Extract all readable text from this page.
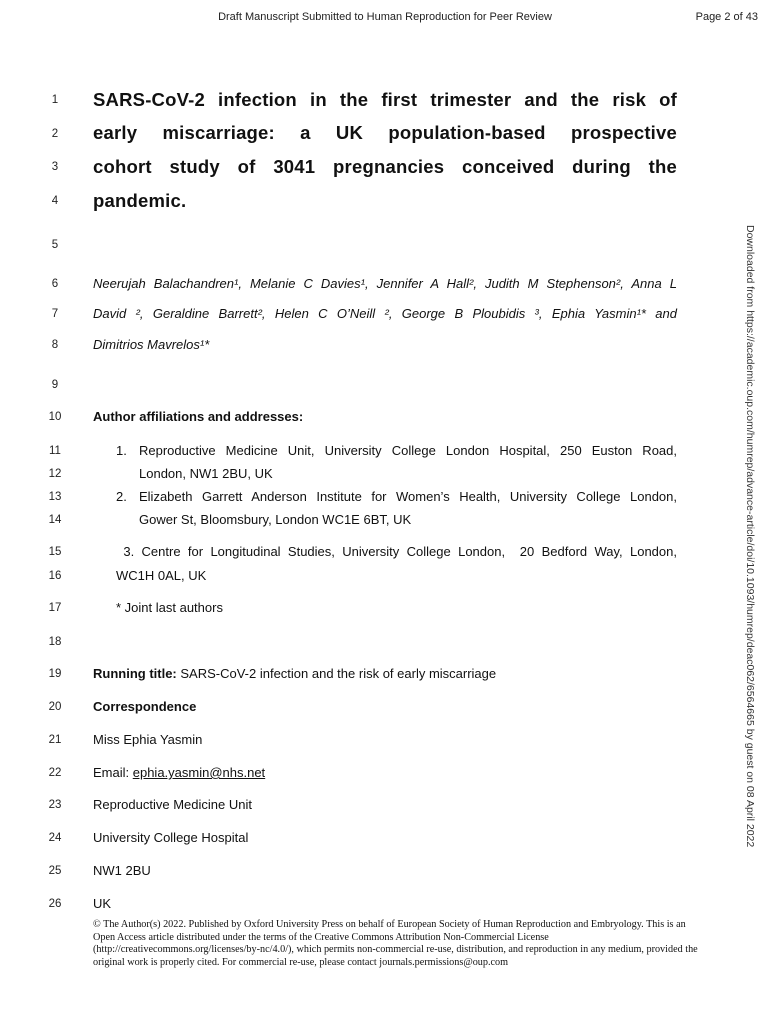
Draft Manuscript Submitted to Human Reproduction for Peer Review	Page 2 of 43
1
2
3
4
5
6
7
8
9
10
11
12
13
14
15
16
17
18
19
20
21
22
23
24
25
26
SARS-CoV-2 infection in the first trimester and the risk of
early miscarriage: a UK population-based prospective
cohort study of 3041 pregnancies conceived during the
pandemic.
Neerujah Balachandren¹, Melanie C Davies¹, Jennifer A Hall², Judith M Stephenson², Anna L
David ², Geraldine Barrett², Helen C O’Neill ², George B Ploubidis ³, Ephia Yasmin¹* and
Dimitrios Mavrelos¹*
Author affiliations and addresses:
1. Reproductive Medicine Unit, University College London Hospital, 250 Euston Road,
London, NW1 2BU, UK
2. Elizabeth Garrett Anderson Institute for Women’s Health, University College London,
Gower St, Bloomsbury, London WC1E 6BT, UK
3. Centre for Longitudinal Studies, University College London,  20 Bedford Way, London,
WC1H 0AL, UK
* Joint last authors
Running title: SARS-CoV-2 infection and the risk of early miscarriage
Correspondence
Miss Ephia Yasmin
Email: ephia.yasmin@nhs.net
Reproductive Medicine Unit
University College Hospital
NW1 2BU
UK
Downloaded from https://academic.oup.com/humrep/advance-article/doi/10.1093/humrep/deac062/6564665 by guest on 08 April 2022
© The Author(s) 2022. Published by Oxford University Press on behalf of European Society of Human Reproduction and Embryology. This is an Open Access article distributed under the terms of the Creative Commons Attribution Non-Commercial License (http://creativecommons.org/licenses/by-nc/4.0/), which permits non-commercial re-use, distribution, and reproduction in any medium, provided the original work is properly cited. For commercial re-use, please contact journals.permissions@oup.com
